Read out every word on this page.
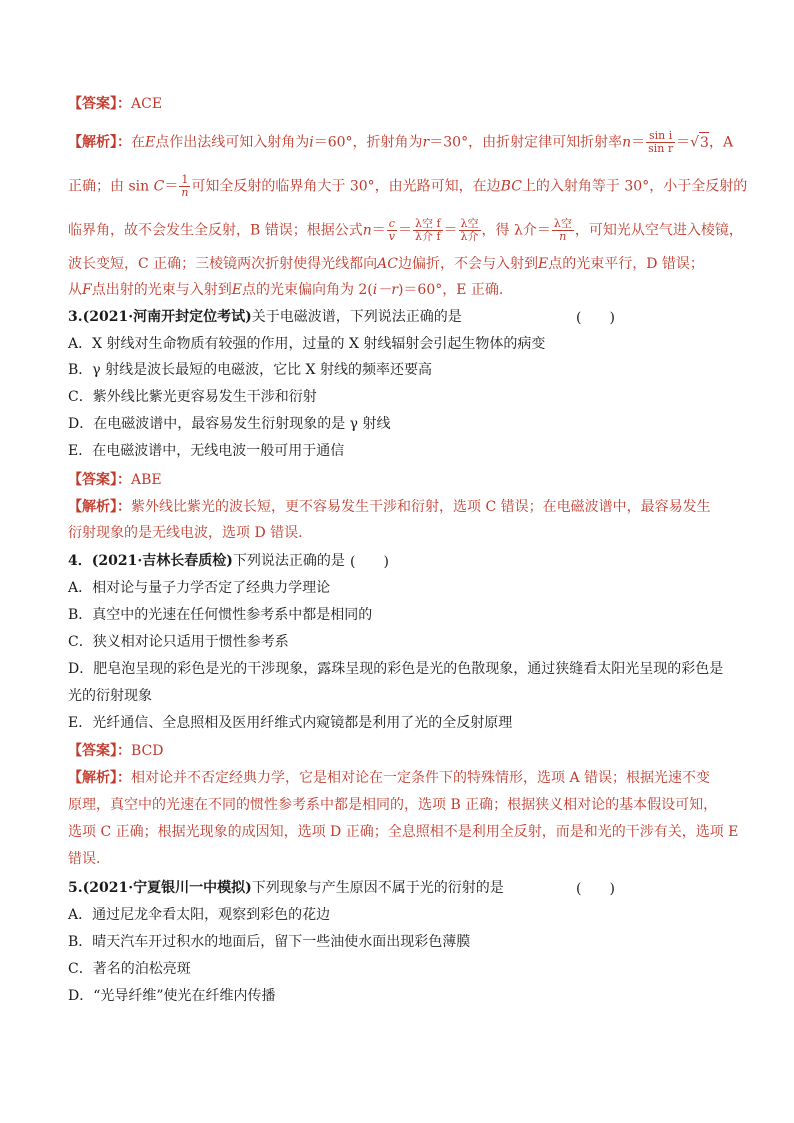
【答案】：ACE
【解析】：在E点作出法线可知入射角为i＝60°，折射角为r＝30°，由折射定律可知折射率$n= \frac{\text{sin i}}{\text{sin r}} =√3$，A
正确；由 $\sin C= \frac{1}{n}$ 可知全反射的临界角大于 30°，由光路可知，在边BC上的入射角等于 30°，小于全反射的
临界角，故不会发生全反射，B 错误；根据公式$n= \frac{c}{v} = \frac{\text{λ空 f}}{\text{λ介 f}} = \frac{\text{λ空}}{\text{λ介}}$ ，得 λ介＝ $\frac{\text{λ空}}{n}$ ，可知光从空气进入棱镜，
波长变短，C 正确；三棱镜两次折射使得光线都向AC边偏折，不会与入射到E点的光束平行，D 错误；
从F点出射的光束与入射到E点的光束偏向角为 2(i－r)＝60°，E 正确.
3.(2021·河南开封定位考试)关于电磁波谱，下列说法正确的是	(　　)
A．X 射线对生命物质有较强的作用，过量的 X 射线辐射会引起生物体的病变
B．γ 射线是波长最短的电磁波，它比 X 射线的频率还要高
C．紫外线比紫光更容易发生干涉和衍射
D．在电磁波谱中，最容易发生衍射现象的是 γ 射线
E．在电磁波谱中，无线电波一般可用于通信
【答案】：ABE
【解析】：紫外线比紫光的波长短，更不容易发生干涉和衍射，选项 C 错误；在电磁波谱中，最容易发生
衍射现象的是无线电波，选项 D 错误.
4．(2021·吉林长春质检)下列说法正确的是 (　　)
A．相对论与量子力学否定了经典力学理论
B．真空中的光速在任何惯性参考系中都是相同的
C．狭义相对论只适用于惯性参考系
D．肥皂泡呈现的彩色是光的干涉现象，露珠呈现的彩色是光的色散现象，通过狭缝看太阳光呈现的彩色是
光的衍射现象
E．光纤通信、全息照相及医用纤维式内窥镜都是利用了光的全反射原理
【答案】：BCD
【解析】：相对论并不否定经典力学，它是相对论在一定条件下的特殊情形，选项 A 错误；根据光速不变
原理，真空中的光速在不同的惯性参考系中都是相同的，选项 B 正确；根据狭义相对论的基本假设可知，
选项 C 正确；根据光现象的成因知，选项 D 正确；全息照相不是利用全反射，而是和光的干涉有关，选项 E
错误.
5.(2021·宁夏银川一中模拟)下列现象与产生原因不属于光的衍射的是	(　　)
A．通过尼龙伞看太阳，观察到彩色的花边
B．晴天汽车开过积水的地面后，留下一些油使水面出现彩色薄膜
C．著名的泊松亮斑
D．“光导纤维”使光在纤维内传播
